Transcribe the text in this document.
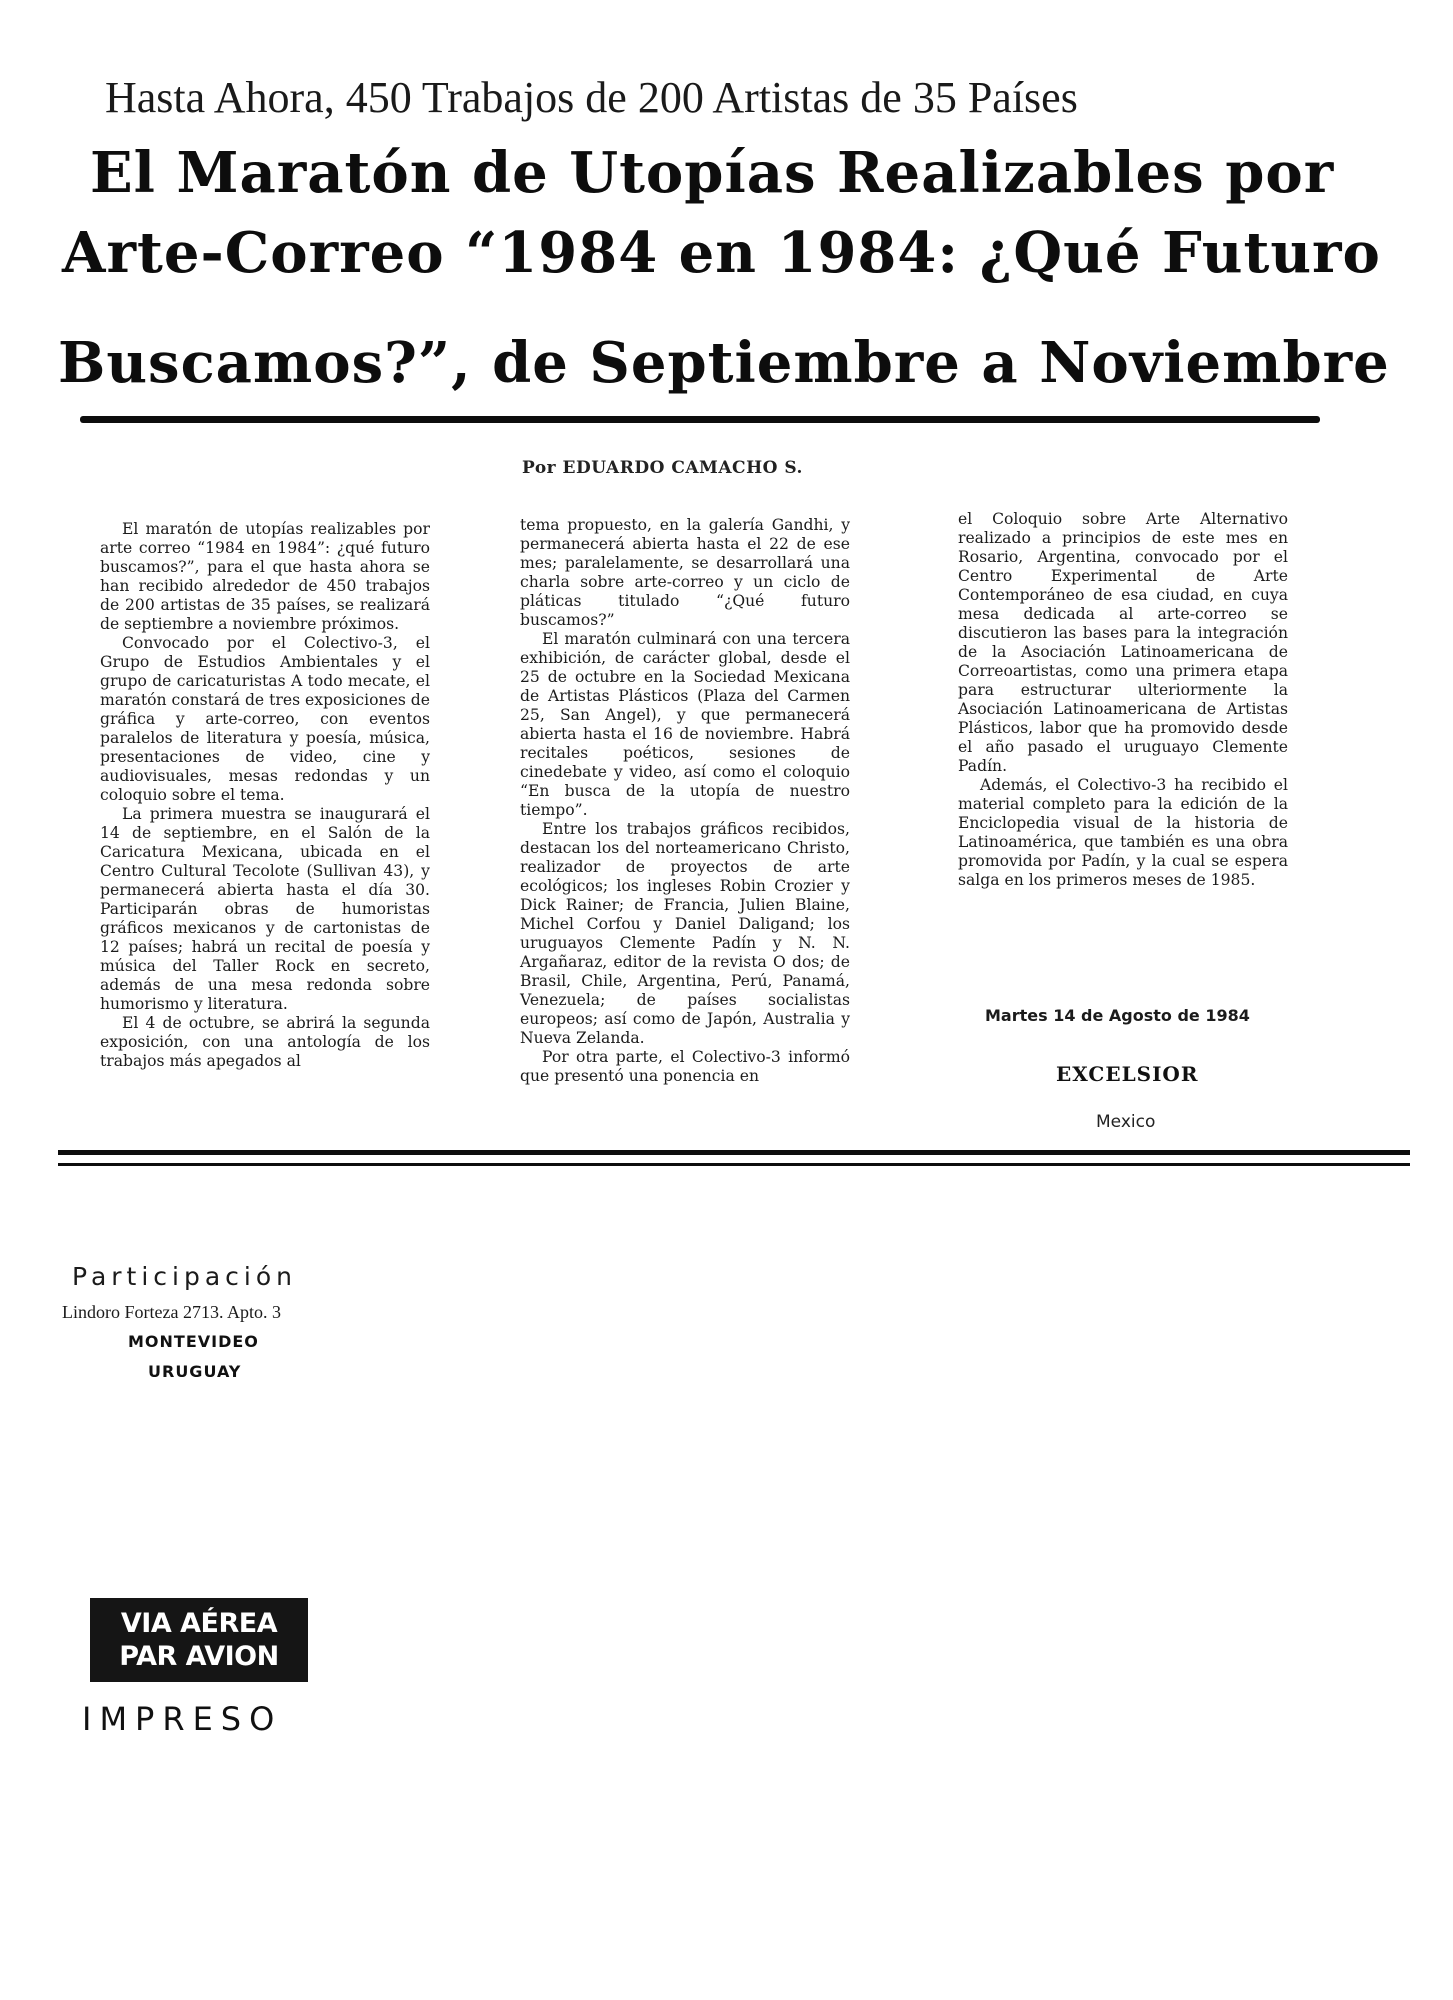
Hasta Ahora, 450 Trabajos de 200 Artistas de 35 Países
El Maratón de Utopías Realizables por
Arte-Correo “1984 en 1984: ¿Qué Futuro
Buscamos?”, de Septiembre a Noviembre
Por EDUARDO CAMACHO S.

El maratón de utopías realizables por arte correo “1984 en 1984”: ¿qué futuro buscamos?”, para el que hasta ahora se han recibido alrededor de 450 trabajos de 200 artistas de 35 países, se realizará de septiembre a noviembre próximos.

Convocado por el Colectivo-3, el Grupo de Estudios Ambientales y el grupo de caricaturistas A todo mecate, el maratón constará de tres exposiciones de gráfica y arte-correo, con eventos paralelos de literatura y poesía, música, presentaciones de video, cine y audiovisuales, mesas redondas y un coloquio sobre el tema.

La primera muestra se inaugurará el 14 de septiembre, en el Salón de la Caricatura Mexicana, ubicada en el Centro Cultural Tecolote (Sullivan 43), y permanecerá abierta hasta el día 30. Participarán obras de humoristas gráficos mexicanos y de cartonistas de 12 países; habrá un recital de poesía y música del Taller Rock en secreto, además de una mesa redonda sobre humorismo y literatura.

El 4 de octubre, se abrirá la segunda exposición, con una antología de los trabajos más apegados al

tema propuesto, en la galería Gandhi, y permanecerá abierta hasta el 22 de ese mes; paralelamente, se desarrollará una charla sobre arte-correo y un ciclo de pláticas titulado “¿Qué futuro buscamos?”

El maratón culminará con una tercera exhibición, de carácter global, desde el 25 de octubre en la Sociedad Mexicana de Artistas Plásticos (Plaza del Carmen 25, San Angel), y que permanecerá abierta hasta el 16 de noviembre. Habrá recitales poéticos, sesiones de cinedebate y video, así como el coloquio “En busca de la utopía de nuestro tiempo”.

Entre los trabajos gráficos recibidos, destacan los del norteamericano Christo, realizador de proyectos de arte ecológicos; los ingleses Robin Crozier y Dick Rainer; de Francia, Julien Blaine, Michel Corfou y Daniel Daligand; los uruguayos Clemente Padín y N. N. Argañaraz, editor de la revista O dos; de Brasil, Chile, Argentina, Perú, Panamá, Venezuela; de países socialistas europeos; así como de Japón, Australia y Nueva Zelanda.

Por otra parte, el Colectivo-3 informó que presentó una ponencia en

el Coloquio sobre Arte Alternativo realizado a principios de este mes en Rosario, Argentina, convocado por el Centro Experimental de Arte Contemporáneo de esa ciudad, en cuya mesa dedicada al arte-correo se discutieron las bases para la integración de la Asociación Latinoamericana de Correoartistas, como una primera etapa para estructurar ulteriormente la Asociación Latinoamericana de Artistas Plásticos, labor que ha promovido desde el año pasado el uruguayo Clemente Padín.

Además, el Colectivo-3 ha recibido el material completo para la edición de la Enciclopedia visual de la historia de Latinoamérica, que también es una obra promovida por Padín, y la cual se espera salga en los primeros meses de 1985.

Martes 14 de Agosto de 1984
EXCELSIOR
Mexico
Participación
Lindoro Forteza 2713. Apto. 3
MONTEVIDEO
URUGUAY
VIA AÉREA
PAR AVION
IMPRESO
